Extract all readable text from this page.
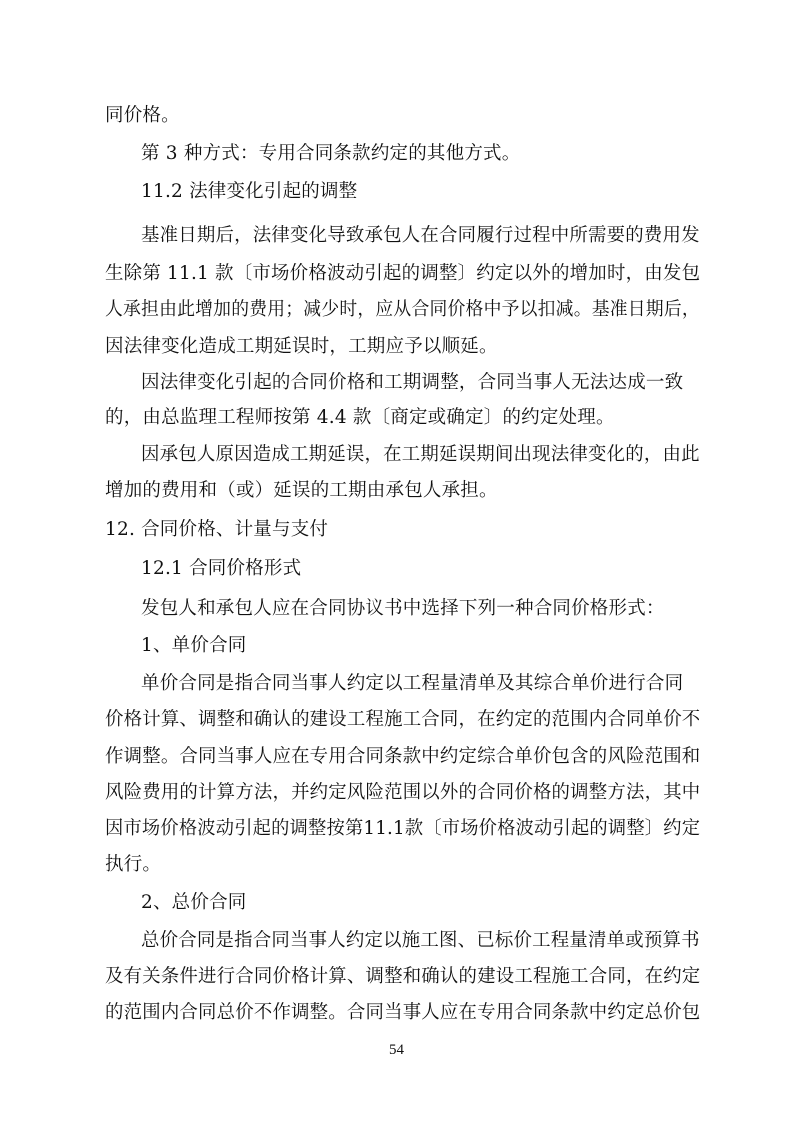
同价格。
第 3 种方式：专用合同条款约定的其他方式。
11.2 法律变化引起的调整
基准日期后，法律变化导致承包人在合同履行过程中所需要的费用发
生除第 11.1 款〔市场价格波动引起的调整〕约定以外的增加时，由发包
人承担由此增加的费用；减少时，应从合同价格中予以扣减。基准日期后，
因法律变化造成工期延误时，工期应予以顺延。
因法律变化引起的合同价格和工期调整，合同当事人无法达成一致
的，由总监理工程师按第 4.4 款〔商定或确定〕的约定处理。
因承包人原因造成工期延误，在工期延误期间出现法律变化的，由此
增加的费用和（或）延误的工期由承包人承担。
12. 合同价格、计量与支付
12.1 合同价格形式
发包人和承包人应在合同协议书中选择下列一种合同价格形式：
1、单价合同
单价合同是指合同当事人约定以工程量清单及其综合单价进行合同
价格计算、调整和确认的建设工程施工合同，在约定的范围内合同单价不
作调整。合同当事人应在专用合同条款中约定综合单价包含的风险范围和
风险费用的计算方法，并约定风险范围以外的合同价格的调整方法，其中
因市场价格波动引起的调整按第11.1款〔市场价格波动引起的调整〕约定
执行。
2、总价合同
总价合同是指合同当事人约定以施工图、已标价工程量清单或预算书
及有关条件进行合同价格计算、调整和确认的建设工程施工合同，在约定
的范围内合同总价不作调整。合同当事人应在专用合同条款中约定总价包
54
